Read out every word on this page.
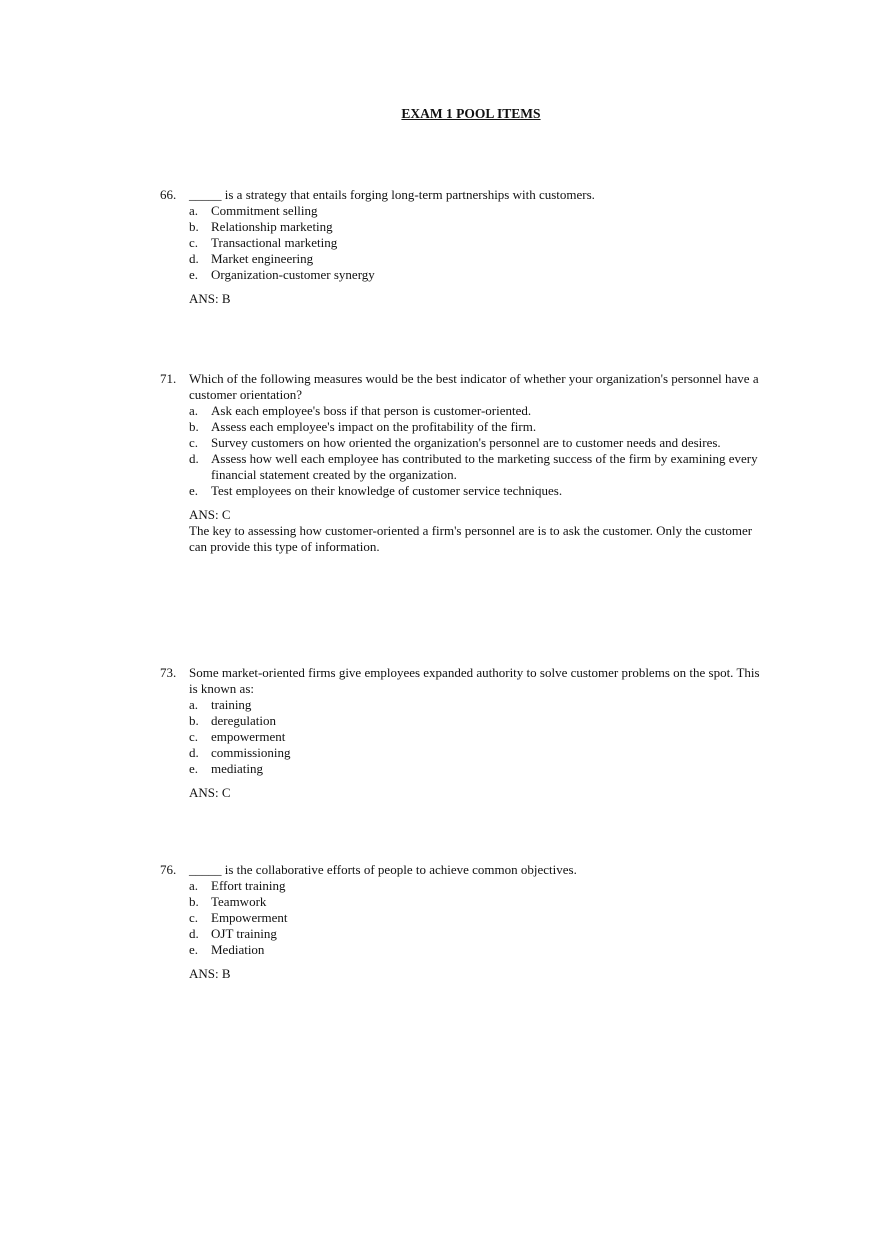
EXAM 1 POOL ITEMS
66. _____ is a strategy that entails forging long-term partnerships with customers.
a. Commitment selling
b. Relationship marketing
c. Transactional marketing
d. Market engineering
e. Organization-customer synergy
ANS: B
71. Which of the following measures would be the best indicator of whether your organization's personnel have a customer orientation?
a. Ask each employee's boss if that person is customer-oriented.
b. Assess each employee's impact on the profitability of the firm.
c. Survey customers on how oriented the organization's personnel are to customer needs and desires.
d. Assess how well each employee has contributed to the marketing success of the firm by examining every financial statement created by the organization.
e. Test employees on their knowledge of customer service techniques.
ANS: C
The key to assessing how customer-oriented a firm's personnel are is to ask the customer. Only the customer can provide this type of information.
73. Some market-oriented firms give employees expanded authority to solve customer problems on the spot. This is known as:
a. training
b. deregulation
c. empowerment
d. commissioning
e. mediating
ANS: C
76. _____ is the collaborative efforts of people to achieve common objectives.
a. Effort training
b. Teamwork
c. Empowerment
d. OJT training
e. Mediation
ANS: B
